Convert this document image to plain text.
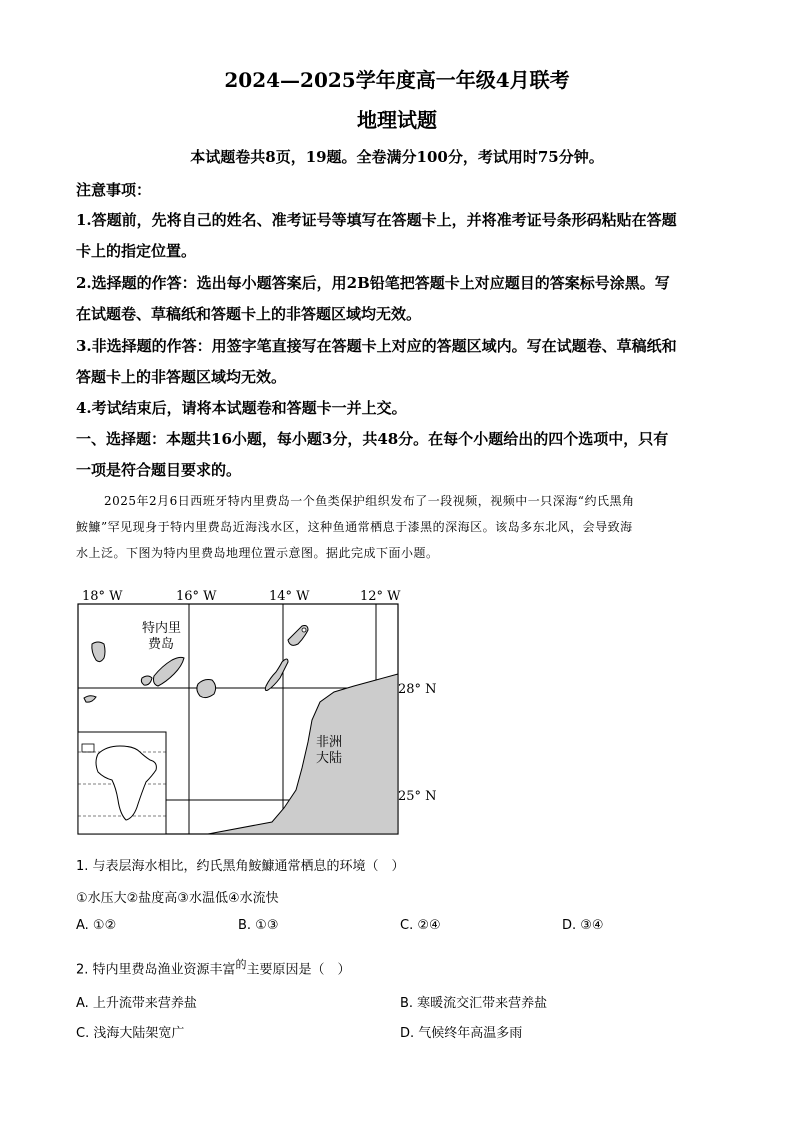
2024—2025学年度高一年级4月联考
地理试题
本试题卷共8页，19题。全卷满分100分，考试用时75分钟。
注意事项：
1.答题前，先将自己的姓名、准考证号等填写在答题卡上，并将准考证号条形码粘贴在答题
卡上的指定位置。
2.选择题的作答：选出每小题答案后，用2B铅笔把答题卡上对应题目的答案标号涂黑。写
在试题卷、草稿纸和答题卡上的非答题区域均无效。
3.非选择题的作答：用签字笔直接写在答题卡上对应的答题区域内。写在试题卷、草稿纸和
答题卡上的非答题区域均无效。
4.考试结束后，请将本试题卷和答题卡一并上交。
一、选择题：本题共16小题，每小题3分，共48分。在每个小题给出的四个选项中，只有
一项是符合题目要求的。
2025年2月6日西班牙特内里费岛一个鱼类保护组织发布了一段视频，视频中一只深海“约氏黑角
鮟鱇”罕见现身于特内里费岛近海浅水区，这种鱼通常栖息于漆黑的深海区。该岛多东北风，会导致海
水上泛。下图为特内里费岛地理位置示意图。据此完成下面小题。
18° W	16° W	14° W	12° W
特内里
费岛
非洲
大陆
28° N
25° N
1. 与表层海水相比，约氏黑角鮟鱇通常栖息的环境（　）
①水压大②盐度高③水温低④水流快
A. ①②	B. ①③	C. ②④	D. ③④
2. 特内里费岛渔业资源丰富$^的$主要原因是（　）
A. 上升流带来营养盐	B. 寒暖流交汇带来营养盐
C. 浅海大陆架宽广	D. 气候终年高温多雨
